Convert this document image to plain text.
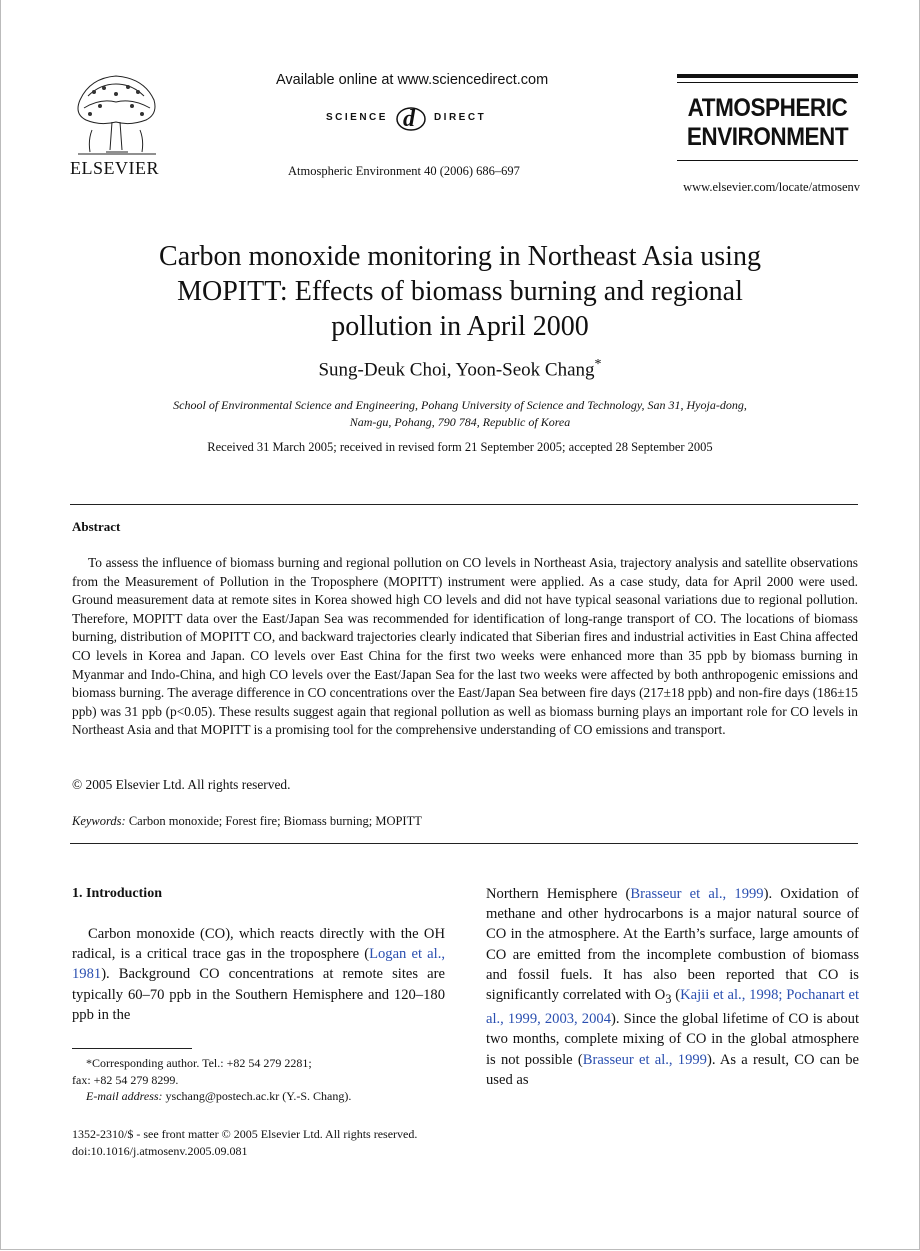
ELSEVIER
Available online at www.sciencedirect.com
SCIENCE d DIRECT
Atmospheric Environment 40 (2006) 686–697
ATMOSPHERIC
ENVIRONMENT
www.elsevier.com/locate/atmosenv
Carbon monoxide monitoring in Northeast Asia using
MOPITT: Effects of biomass burning and regional
pollution in April 2000
Sung-Deuk Choi, Yoon-Seok Chang*
School of Environmental Science and Engineering, Pohang University of Science and Technology, San 31, Hyoja-dong,
Nam-gu, Pohang, 790 784, Republic of Korea
Received 31 March 2005; received in revised form 21 September 2005; accepted 28 September 2005
Abstract
To assess the influence of biomass burning and regional pollution on CO levels in Northeast Asia, trajectory analysis and satellite observations from the Measurement of Pollution in the Troposphere (MOPITT) instrument were applied. As a case study, data for April 2000 were used. Ground measurement data at remote sites in Korea showed high CO levels and did not have typical seasonal variations due to regional pollution. Therefore, MOPITT data over the East/Japan Sea was recommended for identification of long-range transport of CO. The locations of biomass burning, distribution of MOPITT CO, and backward trajectories clearly indicated that Siberian fires and industrial activities in East China affected CO levels in Korea and Japan. CO levels over East China for the first two weeks were enhanced more than 35 ppb by biomass burning in Myanmar and Indo-China, and high CO levels over the East/Japan Sea for the last two weeks were affected by both anthropogenic emissions and biomass burning. The average difference in CO concentrations over the East/Japan Sea between fire days (217±18 ppb) and non-fire days (186±15 ppb) was 31 ppb (p<0.05). These results suggest again that regional pollution as well as biomass burning plays an important role for CO levels in Northeast Asia and that MOPITT is a promising tool for the comprehensive understanding of CO emissions and transport.
© 2005 Elsevier Ltd. All rights reserved.
Keywords: Carbon monoxide; Forest fire; Biomass burning; MOPITT
1. Introduction
Carbon monoxide (CO), which reacts directly with the OH radical, is a critical trace gas in the troposphere (Logan et al., 1981). Background CO concentrations at remote sites are typically 60–70 ppb in the Southern Hemisphere and 120–180 ppb in the
Northern Hemisphere (Brasseur et al., 1999). Oxidation of methane and other hydrocarbons is a major natural source of CO in the atmosphere. At the Earth’s surface, large amounts of CO are emitted from the incomplete combustion of biomass and fossil fuels. It has also been reported that CO is significantly correlated with $O_3$ (Kajii et al., 1998; Pochanart et al., 1999, 2003, 2004). Since the global lifetime of CO is about two months, complete mixing of CO in the global atmosphere is not possible (Brasseur et al., 1999). As a result, CO can be used as
*Corresponding author. Tel.: +82 54 279 2281;
fax: +82 54 279 8299.
E-mail address: yschang@postech.ac.kr (Y.-S. Chang).
1352-2310/$ - see front matter © 2005 Elsevier Ltd. All rights reserved.
doi:10.1016/j.atmosenv.2005.09.081
